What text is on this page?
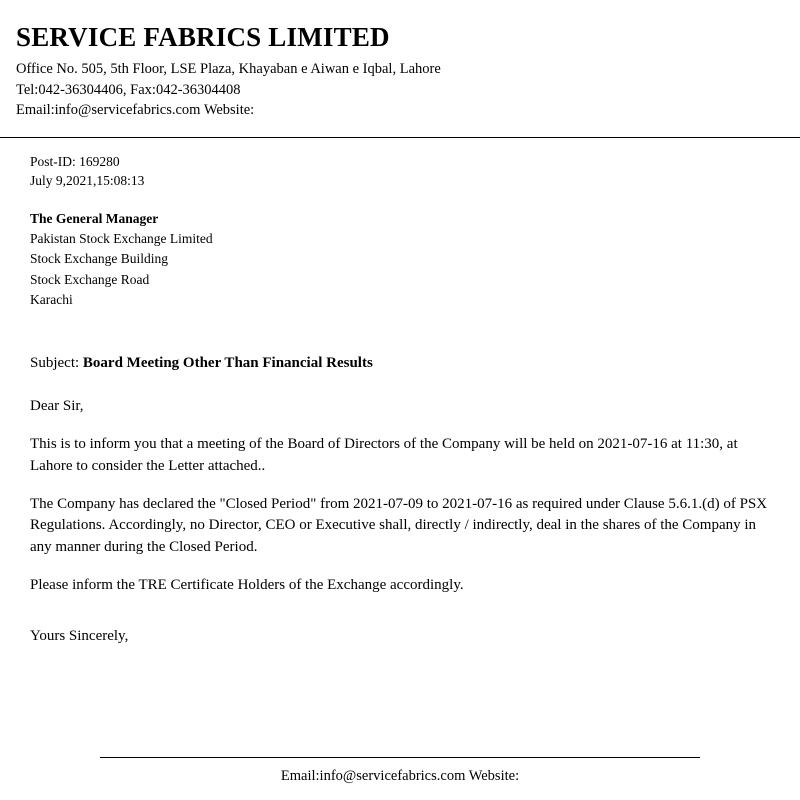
SERVICE FABRICS LIMITED

Office No. 505, 5th Floor, LSE Plaza, Khayaban e Aiwan e Iqbal, Lahore

Tel:042-36304406, Fax:042-36304408

Email:info@servicefabrics.com Website:

Post-ID: 169280

July 9,2021,15:08:13

The General Manager

Pakistan Stock Exchange Limited

Stock Exchange Building

Stock Exchange Road

Karachi

Subject: Board Meeting Other Than Financial Results

Dear Sir,

This is to inform you that a meeting of the Board of Directors of the Company will be held on 2021-07-16 at 11:30, at Lahore to consider the Letter attached..

The Company has declared the "Closed Period" from 2021-07-09 to 2021-07-16 as required under Clause 5.6.1.(d) of PSX Regulations. Accordingly, no Director, CEO or Executive shall, directly / indirectly, deal in the shares of the Company in any manner during the Closed Period.

Please inform the TRE Certificate Holders of the Exchange accordingly.

Yours Sincerely,

Email:info@servicefabrics.com Website:
